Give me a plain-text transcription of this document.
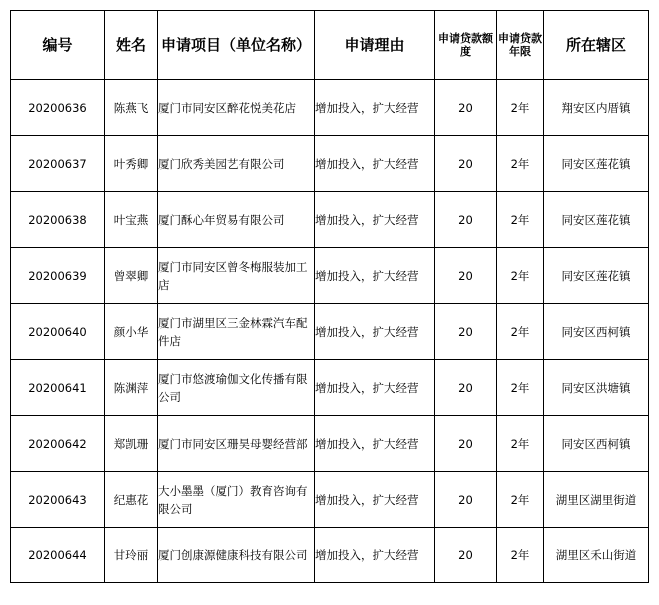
编号	姓名	申请项目（单位名称）	申请理由	申请贷款额度	申请贷款年限	所在辖区
20200636	陈燕飞	厦门市同安区醉花悦美花店	增加投入，扩大经营	20	2年	翔安区内厝镇
20200637	叶秀卿	厦门欣秀美园艺有限公司	增加投入，扩大经营	20	2年	同安区莲花镇
20200638	叶宝燕	厦门酥心年贸易有限公司	增加投入，扩大经营	20	2年	同安区莲花镇
20200639	曾翠卿	厦门市同安区曾冬梅服装加工店	增加投入，扩大经营	20	2年	同安区莲花镇
20200640	颜小华	厦门市湖里区三金林霖汽车配件店	增加投入，扩大经营	20	2年	同安区西柯镇
20200641	陈渊萍	厦门市悠渡瑜伽文化传播有限公司	增加投入，扩大经营	20	2年	同安区洪塘镇
20200642	郑凯珊	厦门市同安区珊昊母婴经营部	增加投入，扩大经营	20	2年	同安区西柯镇
20200643	纪惠花	大小墨墨（厦门）教育咨询有限公司	增加投入，扩大经营	20	2年	湖里区湖里街道
20200644	甘玲丽	厦门创康源健康科技有限公司	增加投入，扩大经营	20	2年	湖里区禾山街道
